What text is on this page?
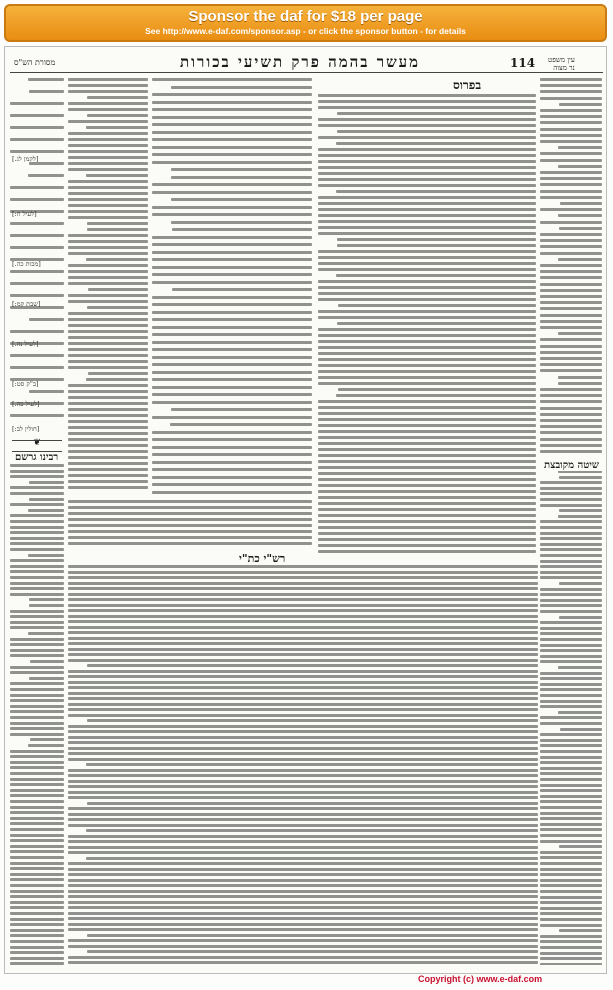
Sponsor the daf for $18 per page
See http://www.e-daf.com/sponsor.asp - or click the sponsor button - for details
114
מעשר בהמה פרק תשיעי בכורות
מסורת הש"ס	עין משפט
נר מצוה
בפרוס
שיטה מקובצת
רבינו גרשם
רש"י כת"י
❦
[לקמן לג.]
[לעיל ח:]
[מכות כה.]
[שבת קמ:]
[לעיל נה.]
[ב"ק סט:]
[לעיל כה.]
[חולין לב:]
Copyright (c) www.e-daf.com
